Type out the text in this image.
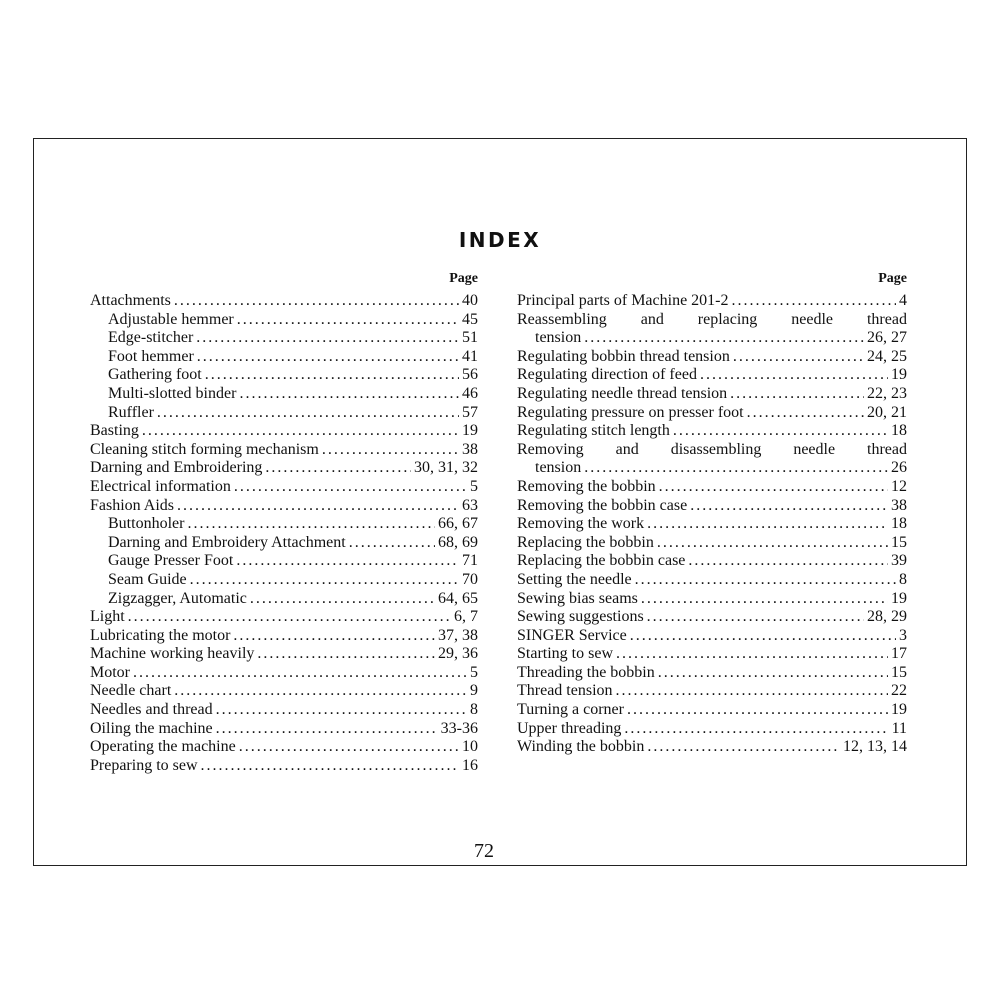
INDEX
Page
Attachments . . .	40
Adjustable hemmer . . .	45
Edge-stitcher . . .	51
Foot hemmer . . .	41
Gathering foot . . .	56
Multi-slotted binder . . .	46
Ruffler . . .	57
Basting . . .	19
Cleaning stitch forming mechanism . . .	38
Darning and Embroidering . . .	30, 31, 32
Electrical information . . .	5
Fashion Aids . . .	63
Buttonholer . . .	66, 67
Darning and Embroidery Attachment . . .	68, 69
Gauge Presser Foot . . .	71
Seam Guide . . .	70
Zigzagger, Automatic . . .	64, 65
Light . . .	6, 7
Lubricating the motor . . .	37, 38
Machine working heavily . . .	29, 36
Motor . . .	5
Needle chart . . .	9
Needles and thread . . .	8
Oiling the machine . . .	33-36
Operating the machine . . .	10
Preparing to sew . . .	16
Page
Principal parts of Machine 201-2 . . .	4
Reassembling and replacing needle thread
tension . . .	26, 27
Regulating bobbin thread tension . . .	24, 25
Regulating direction of feed . . .	19
Regulating needle thread tension . . .	22, 23
Regulating pressure on presser foot . . .	20, 21
Regulating stitch length . . .	18
Removing and disassembling needle thread
tension . . .	26
Removing the bobbin . . .	12
Removing the bobbin case . . .	38
Removing the work . . .	18
Replacing the bobbin . . .	15
Replacing the bobbin case . . .	39
Setting the needle . . .	8
Sewing bias seams . . .	19
Sewing suggestions . . .	28, 29
SINGER Service . . .	3
Starting to sew . . .	17
Threading the bobbin . . .	15
Thread tension . . .	22
Turning a corner . . .	19
Upper threading . . .	11
Winding the bobbin . . .	12, 13, 14
72
